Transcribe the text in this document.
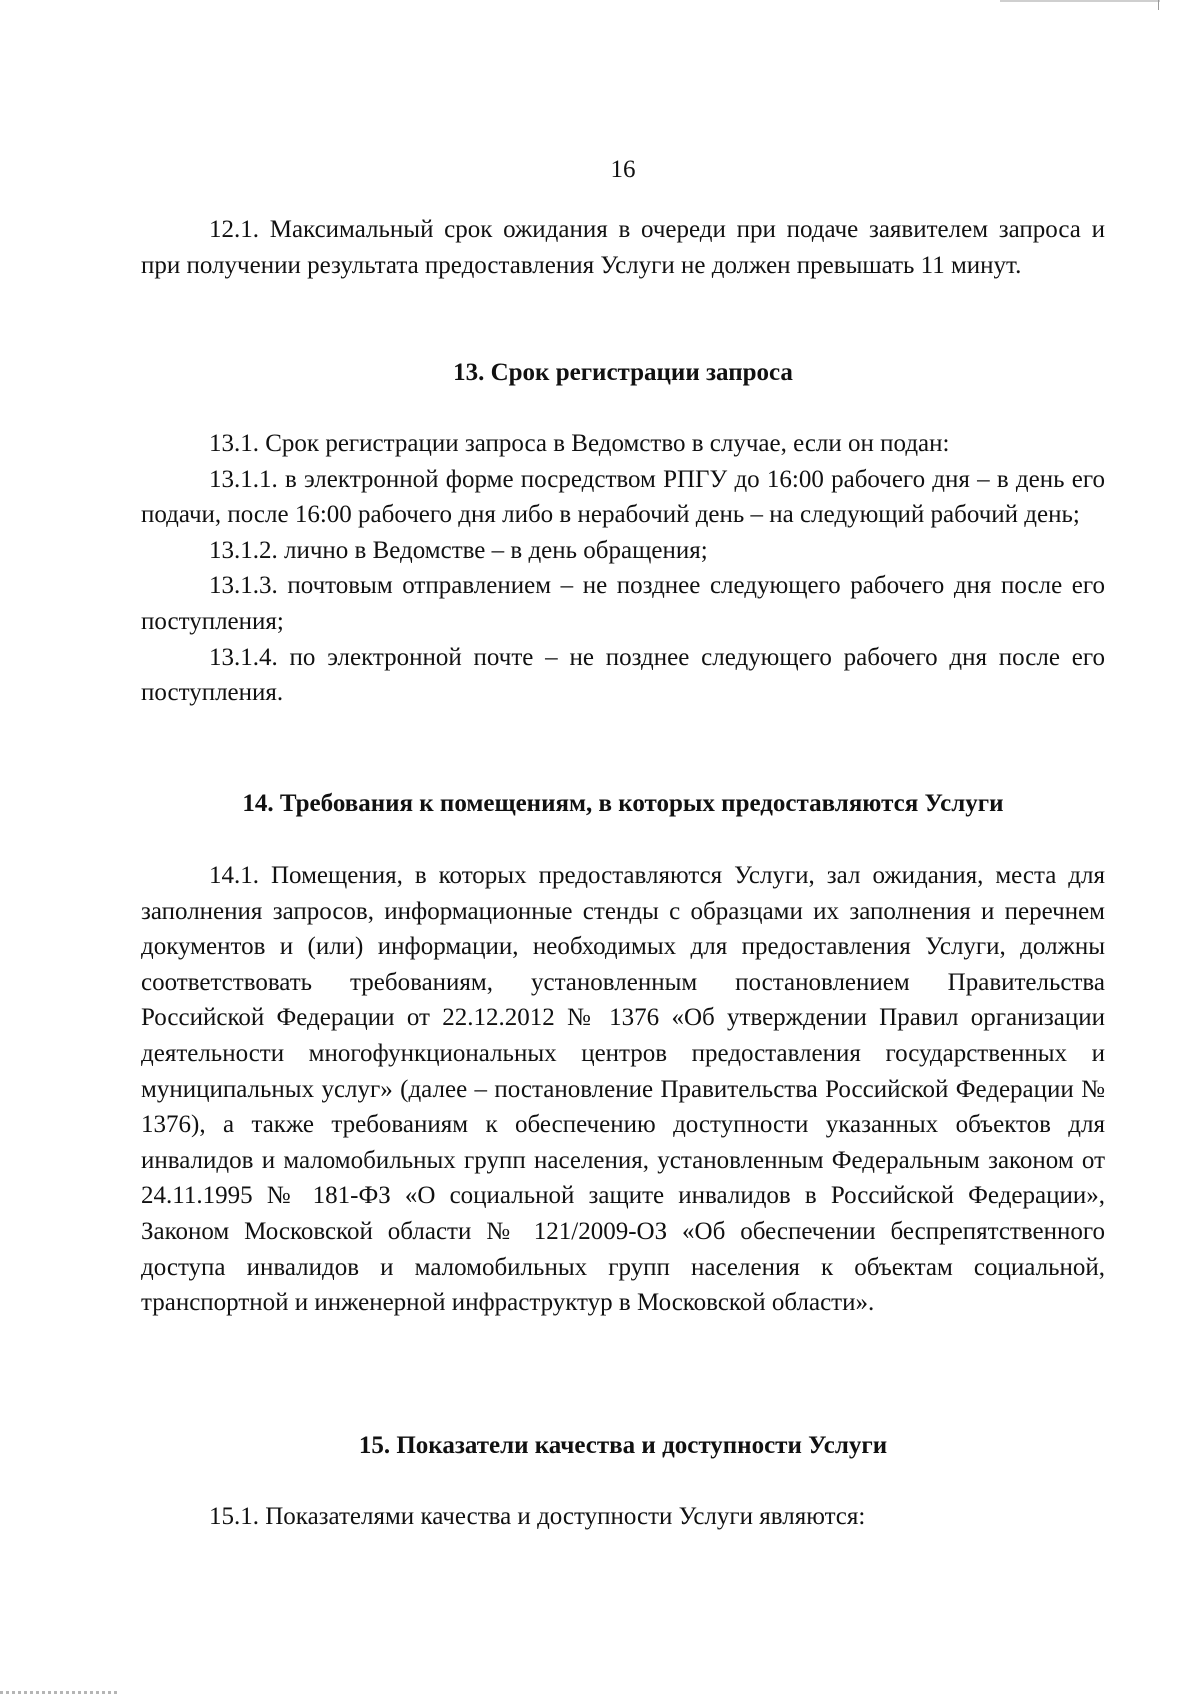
16

12.1. Максимальный срок ожидания в очереди при подаче заявителем запроса и при получении результата предоставления Услуги не должен превышать 11 минут.

13. Срок регистрации запроса

13.1. Срок регистрации запроса в Ведомство в случае, если он подан:

13.1.1. в электронной форме посредством РПГУ до 16:00 рабочего дня – в день его подачи, после 16:00 рабочего дня либо в нерабочий день – на следующий рабочий день;

13.1.2. лично в Ведомстве – в день обращения;

13.1.3. почтовым отправлением – не позднее следующего рабочего дня после его поступления;

13.1.4. по электронной почте – не позднее следующего рабочего дня после его поступления.

14. Требования к помещениям, в которых предоставляются Услуги

14.1. Помещения, в которых предоставляются Услуги, зал ожидания, места для заполнения запросов, информационные стенды с образцами их заполнения и перечнем документов и (или) информации, необходимых для предоставления Услуги, должны соответствовать требованиям, установленным постановлением Правительства Российской Федерации от 22.12.2012 № 1376 «Об утверждении Правил организации деятельности многофункциональных центров предоставления государственных и муниципальных услуг» (далее – постановление Правительства Российской Федерации № 1376), а также требованиям к обеспечению доступности указанных объектов для инвалидов и маломобильных групп населения, установленным Федеральным законом от 24.11.1995 № 181-ФЗ «О социальной защите инвалидов в Российской Федерации», Законом Московской области № 121/2009-ОЗ «Об обеспечении беспрепятственного доступа инвалидов и маломобильных групп населения к объектам социальной, транспортной и инженерной инфраструктур в Московской области».

15. Показатели качества и доступности Услуги

15.1. Показателями качества и доступности Услуги являются:
